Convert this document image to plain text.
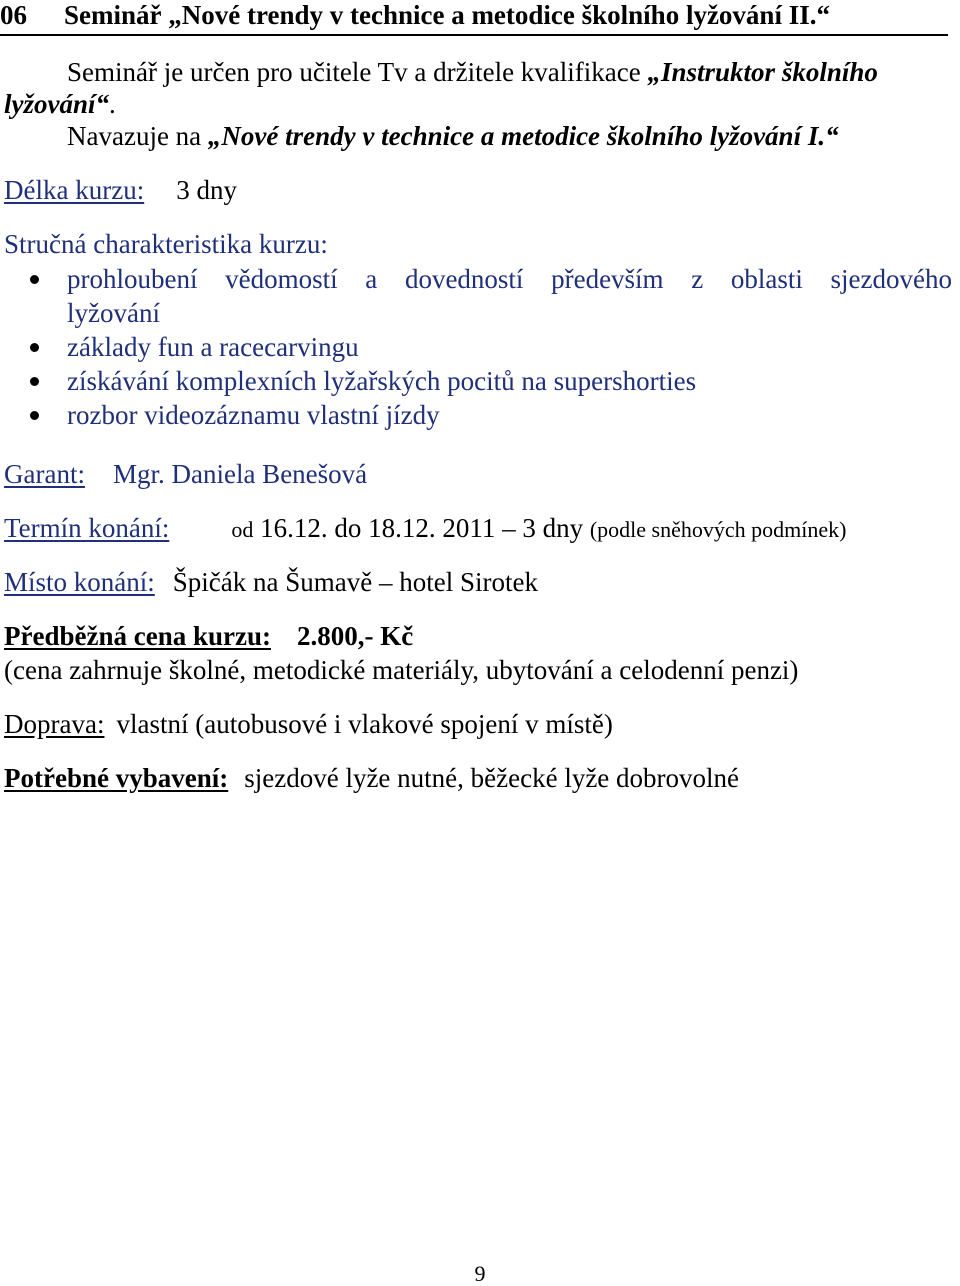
06 Seminář „Nové trendy v technice a metodice školního lyžování II.“
Seminář je určen pro učitele Tv a držitele kvalifikace „Instruktor školního
lyžování“.
Navazuje na „Nové trendy v technice a metodice školního lyžování I.“
Délka kurzu: 3 dny
Stručná charakteristika kurzu:
prohloubení vědomostí a dovedností především z oblasti sjezdového
lyžování
základy fun a racecarvingu
získávání komplexních lyžařských pocitů na supershorties
rozbor videozáznamu vlastní jízdy
Garant: Mgr. Daniela Benešová
Termín konání:	od 16.12. do 18.12. 2011 – 3 dny (podle sněhových podmínek)
Místo konání: Špičák na Šumavě – hotel Sirotek
Předběžná cena kurzu: 2.800,- Kč
(cena zahrnuje školné, metodické materiály, ubytování a celodenní penzi)
Doprava: vlastní (autobusové i vlakové spojení v místě)
Potřebné vybavení: sjezdové lyže nutné, běžecké lyže dobrovolné
9
